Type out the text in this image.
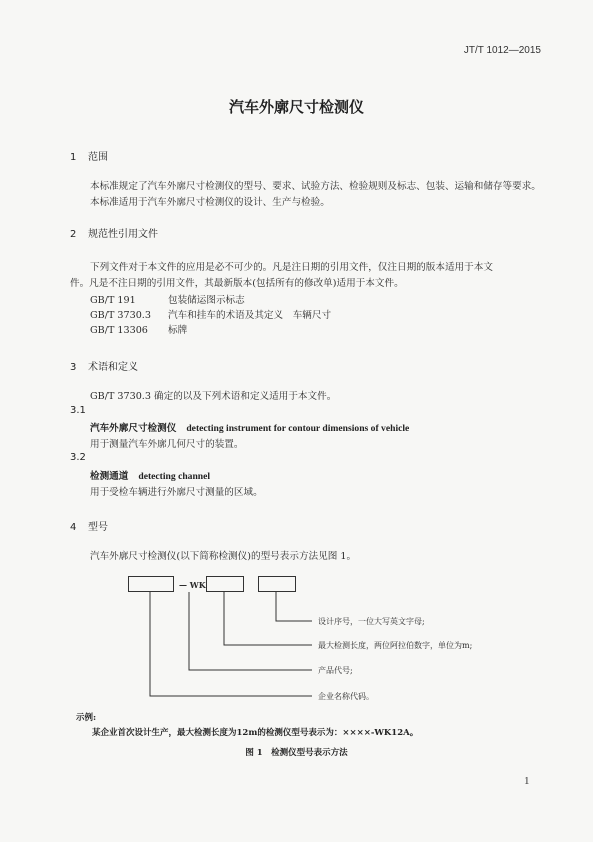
JT/T 1012—2015
汽车外廓尺寸检测仪
1 范围
本标准规定了汽车外廓尺寸检测仪的型号、要求、试验方法、检验规则及标志、包装、运输和储存等要求。
本标准适用于汽车外廓尺寸检测仪的设计、生产与检验。
2 规范性引用文件
下列文件对于本文件的应用是必不可少的。凡是注日期的引用文件，仅注日期的版本适用于本文
件。凡是不注日期的引用文件，其最新版本(包括所有的修改单)适用于本文件。
GB/T 191	包装储运图示标志
GB/T 3730.3 汽车和挂车的术语及其定义　车辆尺寸
GB/T 13306 标牌
3 术语和定义
GB/T 3730.3 确定的以及下列术语和定义适用于本文件。
3.1
汽车外廓尺寸检测仪 detecting instrument for contour dimensions of vehicle
用于测量汽车外廓几何尺寸的装置。
3.2
检测通道 detecting channel
用于受检车辆进行外廓尺寸测量的区域。
4 型号
汽车外廓尺寸检测仪(以下简称检测仪)的型号表示方法见图 1。
— WK
设计序号，一位大写英文字母;
最大检测长度，两位阿拉伯数字，单位为m;
产品代号;
企业名称代码。
示例:
某企业首次设计生产，最大检测长度为12m的检测仪型号表示为：××××-WK12A。
图 1　检测仪型号表示方法
1
